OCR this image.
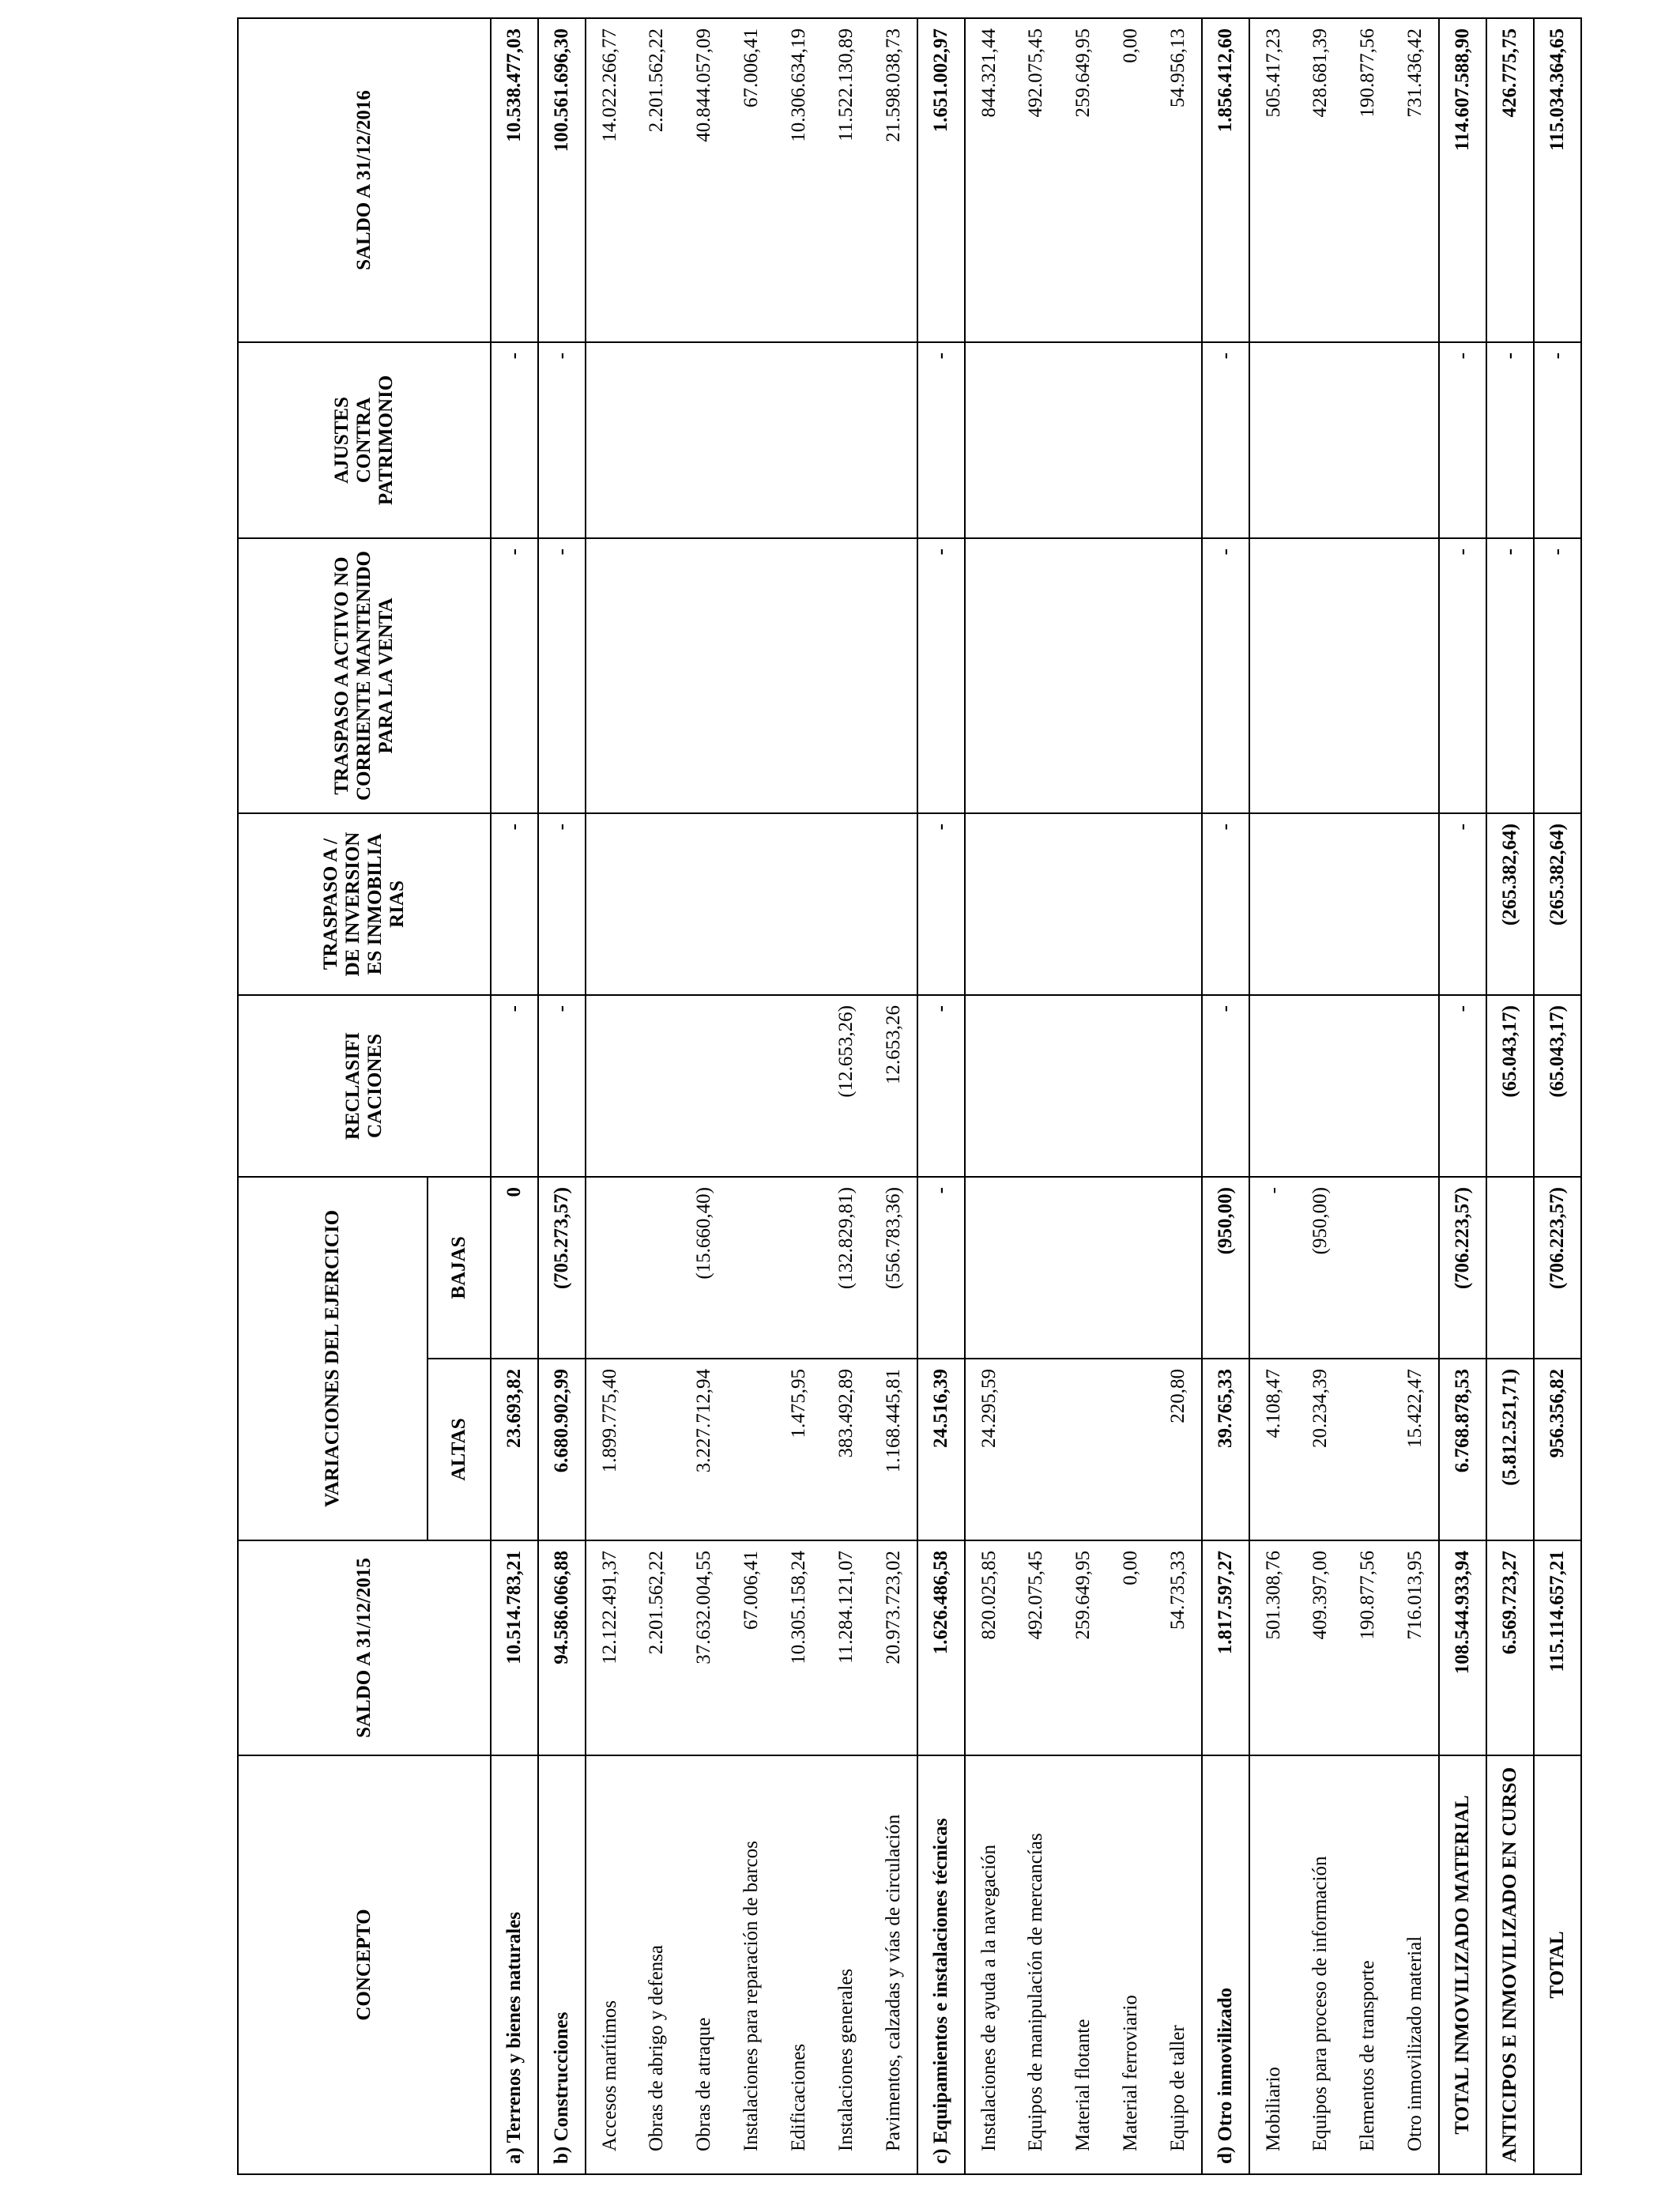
CONCEPTO	SALDO A 31/12/2015	VARIACIONES DEL EJERCICIO		RECLASIFI CACIONES	TRASPASO A / DE INVERSION ES INMOBILIA RIAS	TRASPASO A ACTIVO NO CORRIENTE MANTENIDO PARA LA VENTA	AJUSTES CONTRA PATRIMONIO	SALDO A 31/12/2016
		ALTAS	BAJAS					
a) Terrenos y bienes naturales	10.514.783,21	23.693,82	0	-	-	-	-	10.538.477,03
b) Construcciones	94.586.066,88	6.680.902,99	(705.273,57)	-	-	-	-	100.561.696,30
Accesos marítimos	12.122.491,37	1.899.775,40						14.022.266,77
Obras de abrigo y defensa	2.201.562,22							2.201.562,22
Obras de atraque	37.632.004,55	3.227.712,94	(15.660,40)					40.844.057,09
Instalaciones para reparación de barcos	67.006,41							67.006,41
Edificaciones	10.305.158,24	1.475,95						10.306.634,19
Instalaciones generales	11.284.121,07	383.492,89	(132.829,81)	(12.653,26)				11.522.130,89
Pavimentos, calzadas y vías de circulación	20.973.723,02	1.168.445,81	(556.783,36)	12.653,26				21.598.038,73
c) Equipamientos e instalaciones técnicas	1.626.486,58	24.516,39	-	-	-	-	-	1.651.002,97
Instalaciones de ayuda a la navegación	820.025,85	24.295,59						844.321,44
Equipos de manipulación de mercancías	492.075,45							492.075,45
Material flotante	259.649,95							259.649,95
Material ferroviario	0,00							0,00
Equipo de taller	54.735,33	220,80						54.956,13
d) Otro inmovilizado	1.817.597,27	39.765,33	(950,00)	-	-	-	-	1.856.412,60
Mobiliario	501.308,76	4.108,47	-					505.417,23
Equipos para proceso de información	409.397,00	20.234,39	(950,00)					428.681,39
Elementos de transporte	190.877,56							190.877,56
Otro inmovilizado material	716.013,95	15.422,47						731.436,42
TOTAL INMOVILIZADO MATERIAL	108.544.933,94	6.768.878,53	(706.223,57)	-	-	-	-	114.607.588,90
ANTICIPOS E INMOVILIZADO EN CURSO	6.569.723,27	(5.812.521,71)		(65.043,17)	(265.382,64)	-	-	426.775,75
TOTAL	115.114.657,21	956.356,82	(706.223,57)	(65.043,17)	(265.382,64)	-	-	115.034.364,65
